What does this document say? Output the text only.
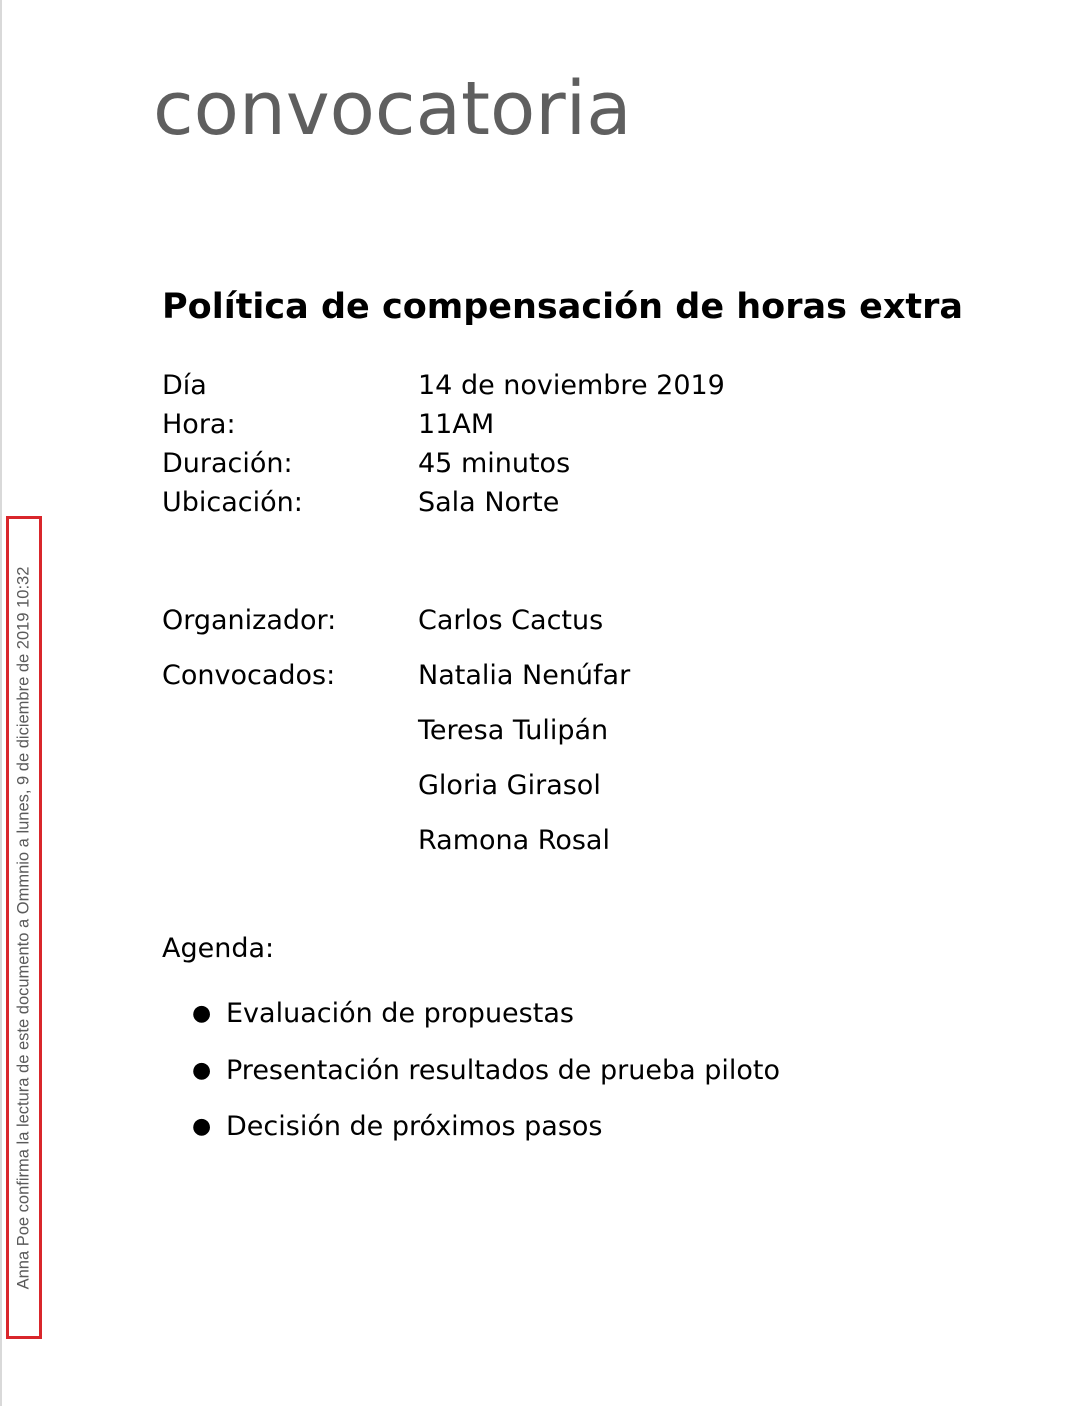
convocatoria
Política de compensación de horas extra
Día	14 de noviembre 2019
Hora:	11AM
Duración:	45 minutos
Ubicación:	Sala Norte
Organizador:	Carlos Cactus
Convocados:	Natalia Nenúfar
Teresa Tulipán
Gloria Girasol
Ramona Rosal
Agenda:
● Evaluación de propuestas
● Presentación resultados de prueba piloto
● Decisión de próximos pasos
Anna Poe confirma la lectura de este documento a Ommnio a lunes, 9 de diciembre de 2019 10:32
